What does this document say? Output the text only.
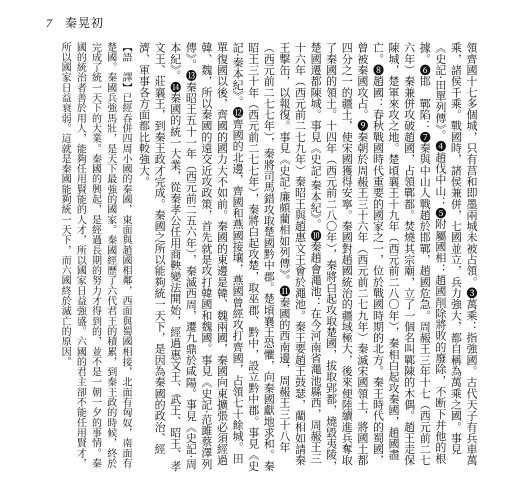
7 秦晃初

領齊國十七多個城，只有莒和即墨兩城未被占領。❸萬乘：指強國。古代天子有兵車萬乘，諸侯千乘。戰國時，諸侯兼併，七國並立，兵力強大，都自稱為萬乘之國。事見《史記·田單列傳》。❹趙伐中山：❺附屬國相：趙國削除將敗的廢除，不断下并他的根據。❻邯　鄲陷：❼秦與中山人戰趙於邯鄲，趙國危急。周赧王三年十七（西元前二七六年）秦兼併攻破趙國，占領鄲都。焚燒其宗廟，立了一個名叫鄲陳的木偶。趙王走保陳城，楚軍來攻之地。楚頃襄王十九年（西元前二八〇年），秦相白起攻秦國，趙國盡亡。❽趙國：春秋戰國時代重要的國家之一，位於戰國時期的北方。秦王時代的蜀國，曾被秦國攻占。❾秦朝於周赧王三十六年（西元前二七九年）秦滅宋國領土，將國土都四分之一的疆土，使宋國獲得安寧。秦國對趙國統治的疆域極大，後來便陸續進兵奪取了秦國的領土。十四年（西元前二八〇年），秦將白起攻取楚國，拔取郢都，燒毀夷陵，楚國遷都陳城。事見《史記·秦本紀》。❿秦趙會澠池：在今河南省澠池縣西，周赧王三十六年（西元前二七九年）秦昭王與趙惠文王會於澠池。秦王要趙王鼓瑟，藺相如請秦王擊缶，以報復。事見《史記·廉頗藺相如列傳》。⓫秦國的西南邊，周赧王三十八年（西元前二七七年），秦將司馬錯攻取楚國黔中郡。楚頃襄王恐懼，向秦國獻地求和。秦昭王三十年（西元前二七七年），秦將白起攻楚，取巫郡、黔中，設立黔中郡。事見《史記·秦本紀》。⓬齊國的北邊，齊國和燕國接壤，燕國曾經攻打齊國，占領七十餘城。田單復國以後，齊國的國力大不如前。秦國的東邊是韓、魏兩國，秦國向東擴張必須經過韓、魏，所以秦國的遠交近攻政策，首先就是攻打韓國和魏國。事見《史記·范雎蔡澤列傳》。⓭秦昭王五十一年（西元前二五六年），秦滅西周，遷九鼎於咸陽。事見《史記·周本紀》。⓮秦國的統一大業，從秦孝公任用商鞅變法開始，經過惠文王、武王、昭王、孝文王、莊襄王，到秦王政才完成。秦國之所以能夠統一天下，是因為秦國的政治、經濟、軍事各方面都比較強大。

【語　譯】已經吞併四周小國的秦國，東面與趙國相鄰，西面與蜀國相接，北面有匈奴，南面有楚國。秦國兵強馬壯，是天下最強的國家。秦國經歷了六代君王的積累，到秦王政的時候，終於完成了統一天下的大業。秦國的興起，是經過長期的努力才得到的，並不是一朝一夕的事情。秦國的統治者善於用人，能夠任用賢能的人才，所以國家日益強盛。六國的君主卻不能任用賢才，所以國家日益衰弱。這就是秦國能夠統一天下，而六國終於滅亡的原因。
